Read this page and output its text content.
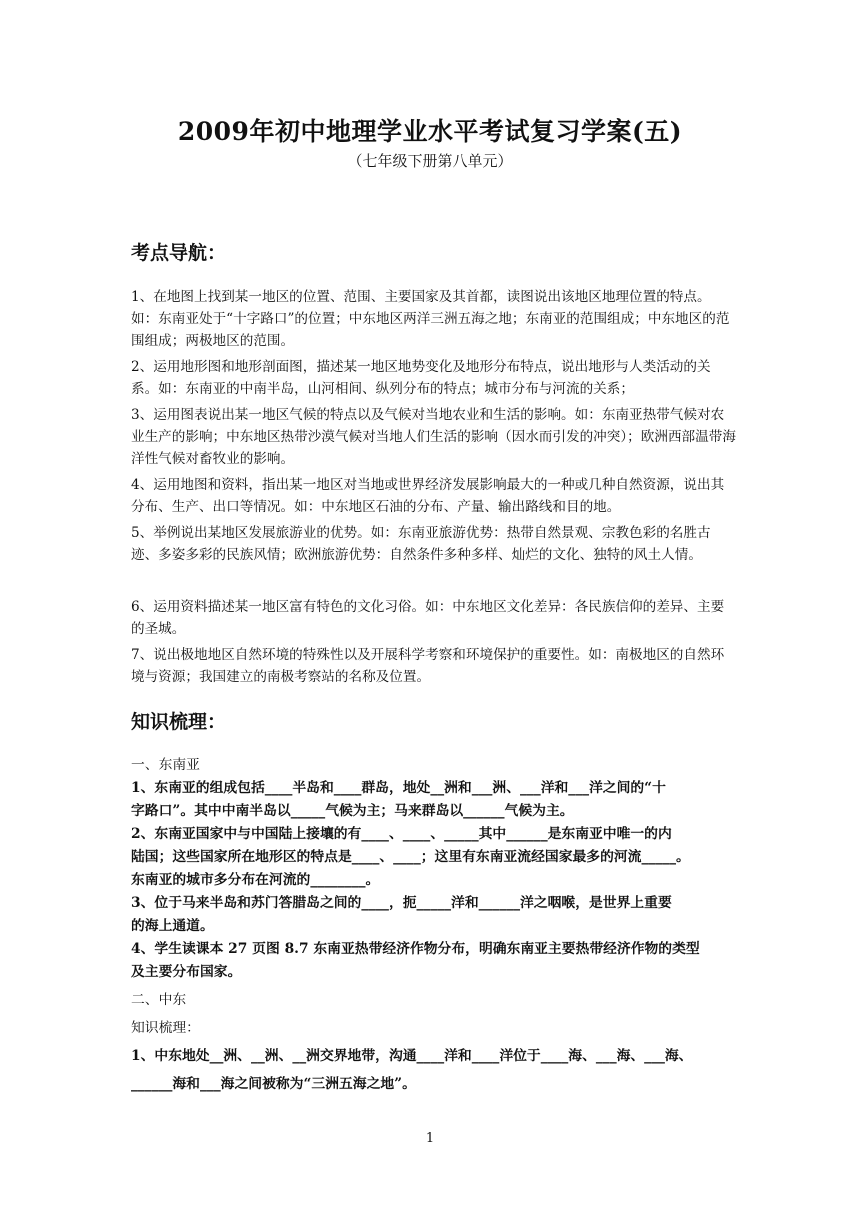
2009年初中地理学业水平考试复习学案(五)
（七年级下册第八单元）
考点导航：
1、在地图上找到某一地区的位置、范围、主要国家及其首都，读图说出该地区地理位置的特点。如：东南亚处于“十字路口”的位置；中东地区两洋三洲五海之地；东南亚的范围组成；中东地区的范围组成；两极地区的范围。
2、运用地形图和地形剖面图，描述某一地区地势变化及地形分布特点，说出地形与人类活动的关系。如：东南亚的中南半岛，山河相间、纵列分布的特点；城市分布与河流的关系；
3、运用图表说出某一地区气候的特点以及气候对当地农业和生活的影响。如：东南亚热带气候对农业生产的影响；中东地区热带沙漠气候对当地人们生活的影响（因水而引发的冲突）；欧洲西部温带海洋性气候对畜牧业的影响。
4、运用地图和资料，指出某一地区对当地或世界经济发展影响最大的一种或几种自然资源，说出其分布、生产、出口等情况。如：中东地区石油的分布、产量、输出路线和目的地。
5、举例说出某地区发展旅游业的优势。如：东南亚旅游优势：热带自然景观、宗教色彩的名胜古迹、多姿多彩的民族风情；欧洲旅游优势：自然条件多种多样、灿烂的文化、独特的风土人情。
6、运用资料描述某一地区富有特色的文化习俗。如：中东地区文化差异：各民族信仰的差异、主要的圣城。
7、说出极地地区自然环境的特殊性以及开展科学考察和环境保护的重要性。如：南极地区的自然环境与资源；我国建立的南极考察站的名称及位置。
知识梳理：
一、东南亚
1、东南亚的组成包括____半岛和____群岛，地处__洲和___洲、___洋和___洋之间的“十
字路口”。其中中南半岛以_____气候为主；马来群岛以______气候为主。
2、东南亚国家中与中国陆上接壤的有____、____、_____其中______是东南亚中唯一的内
陆国；这些国家所在地形区的特点是____、____；这里有东南亚流经国家最多的河流_____。
东南亚的城市多分布在河流的________。
3、位于马来半岛和苏门答腊岛之间的____，扼_____洋和______洋之咽喉，是世界上重要
的海上通道。
4、学生读课本 27 页图 8.7 东南亚热带经济作物分布，明确东南亚主要热带经济作物的类型
及主要分布国家。
二、中东
知识梳理：
1、中东地处__洲、__洲、__洲交界地带，沟通____洋和____洋位于____海、___海、___海、
______海和___海之间被称为“三洲五海之地”。
1
